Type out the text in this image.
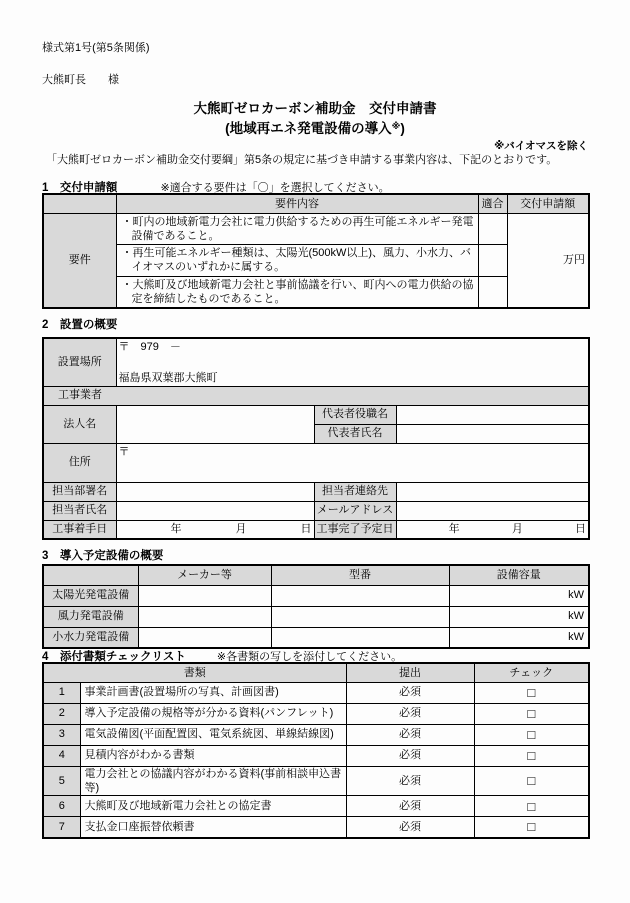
様式第1号(第5条関係)
大熊町長　　様
大熊町ゼロカーボン補助金　交付申請書
(地域再エネ発電設備の導入※)
※バイオマスを除く
「大熊町ゼロカーボン補助金交付要綱」第5条の規定に基づき申請する事業内容は、下記のとおりです。
1　交付申請額	※適合する要件は「〇」を選択してください。
	要件内容	適合	交付申請額
要件	・町内の地域新電力会社に電力供給するための再生可能エネルギー発電設備であること。		万円
	・再生可能エネルギー種類は、太陽光(500kW以上)、風力、小水力、バイオマスのいずれかに属する。		
	・大熊町及び地域新電力会社と事前協議を行い、町内への電力供給の協定を締結したものであること。		
2　設置の概要
設置場所	〒　979　－
福島県双葉郡大熊町		

工事業者			
法人名		代表者役職名	
		代表者氏名	
住所	〒		

担当部署名		担当者連絡先	
担当者氏名		メールアドレス	
工事着手日	年 月 日	工事完了予定日	年 月 日
3　導入予定設備の概要
	メーカー等	型番	設備容量
太陽光発電設備			kW
風力発電設備			kW
小水力発電設備			kW
4　添付書類チェックリスト	※各書類の写しを添付してください。
書類		提出	チェック
1	事業計画書(設置場所の写真、計画図書)	必須	□
2	導入予定設備の規格等が分かる資料(パンフレット)	必須	□
3	電気設備図(平面配置図、電気系統図、単線結線図)	必須	□
4	見積内容がわかる書類	必須	□
5	電力会社との協議内容がわかる資料(事前相談申込書等)	必須	□
6	大熊町及び地域新電力会社との協定書	必須	□
7	支払金口座振替依頼書	必須	□
